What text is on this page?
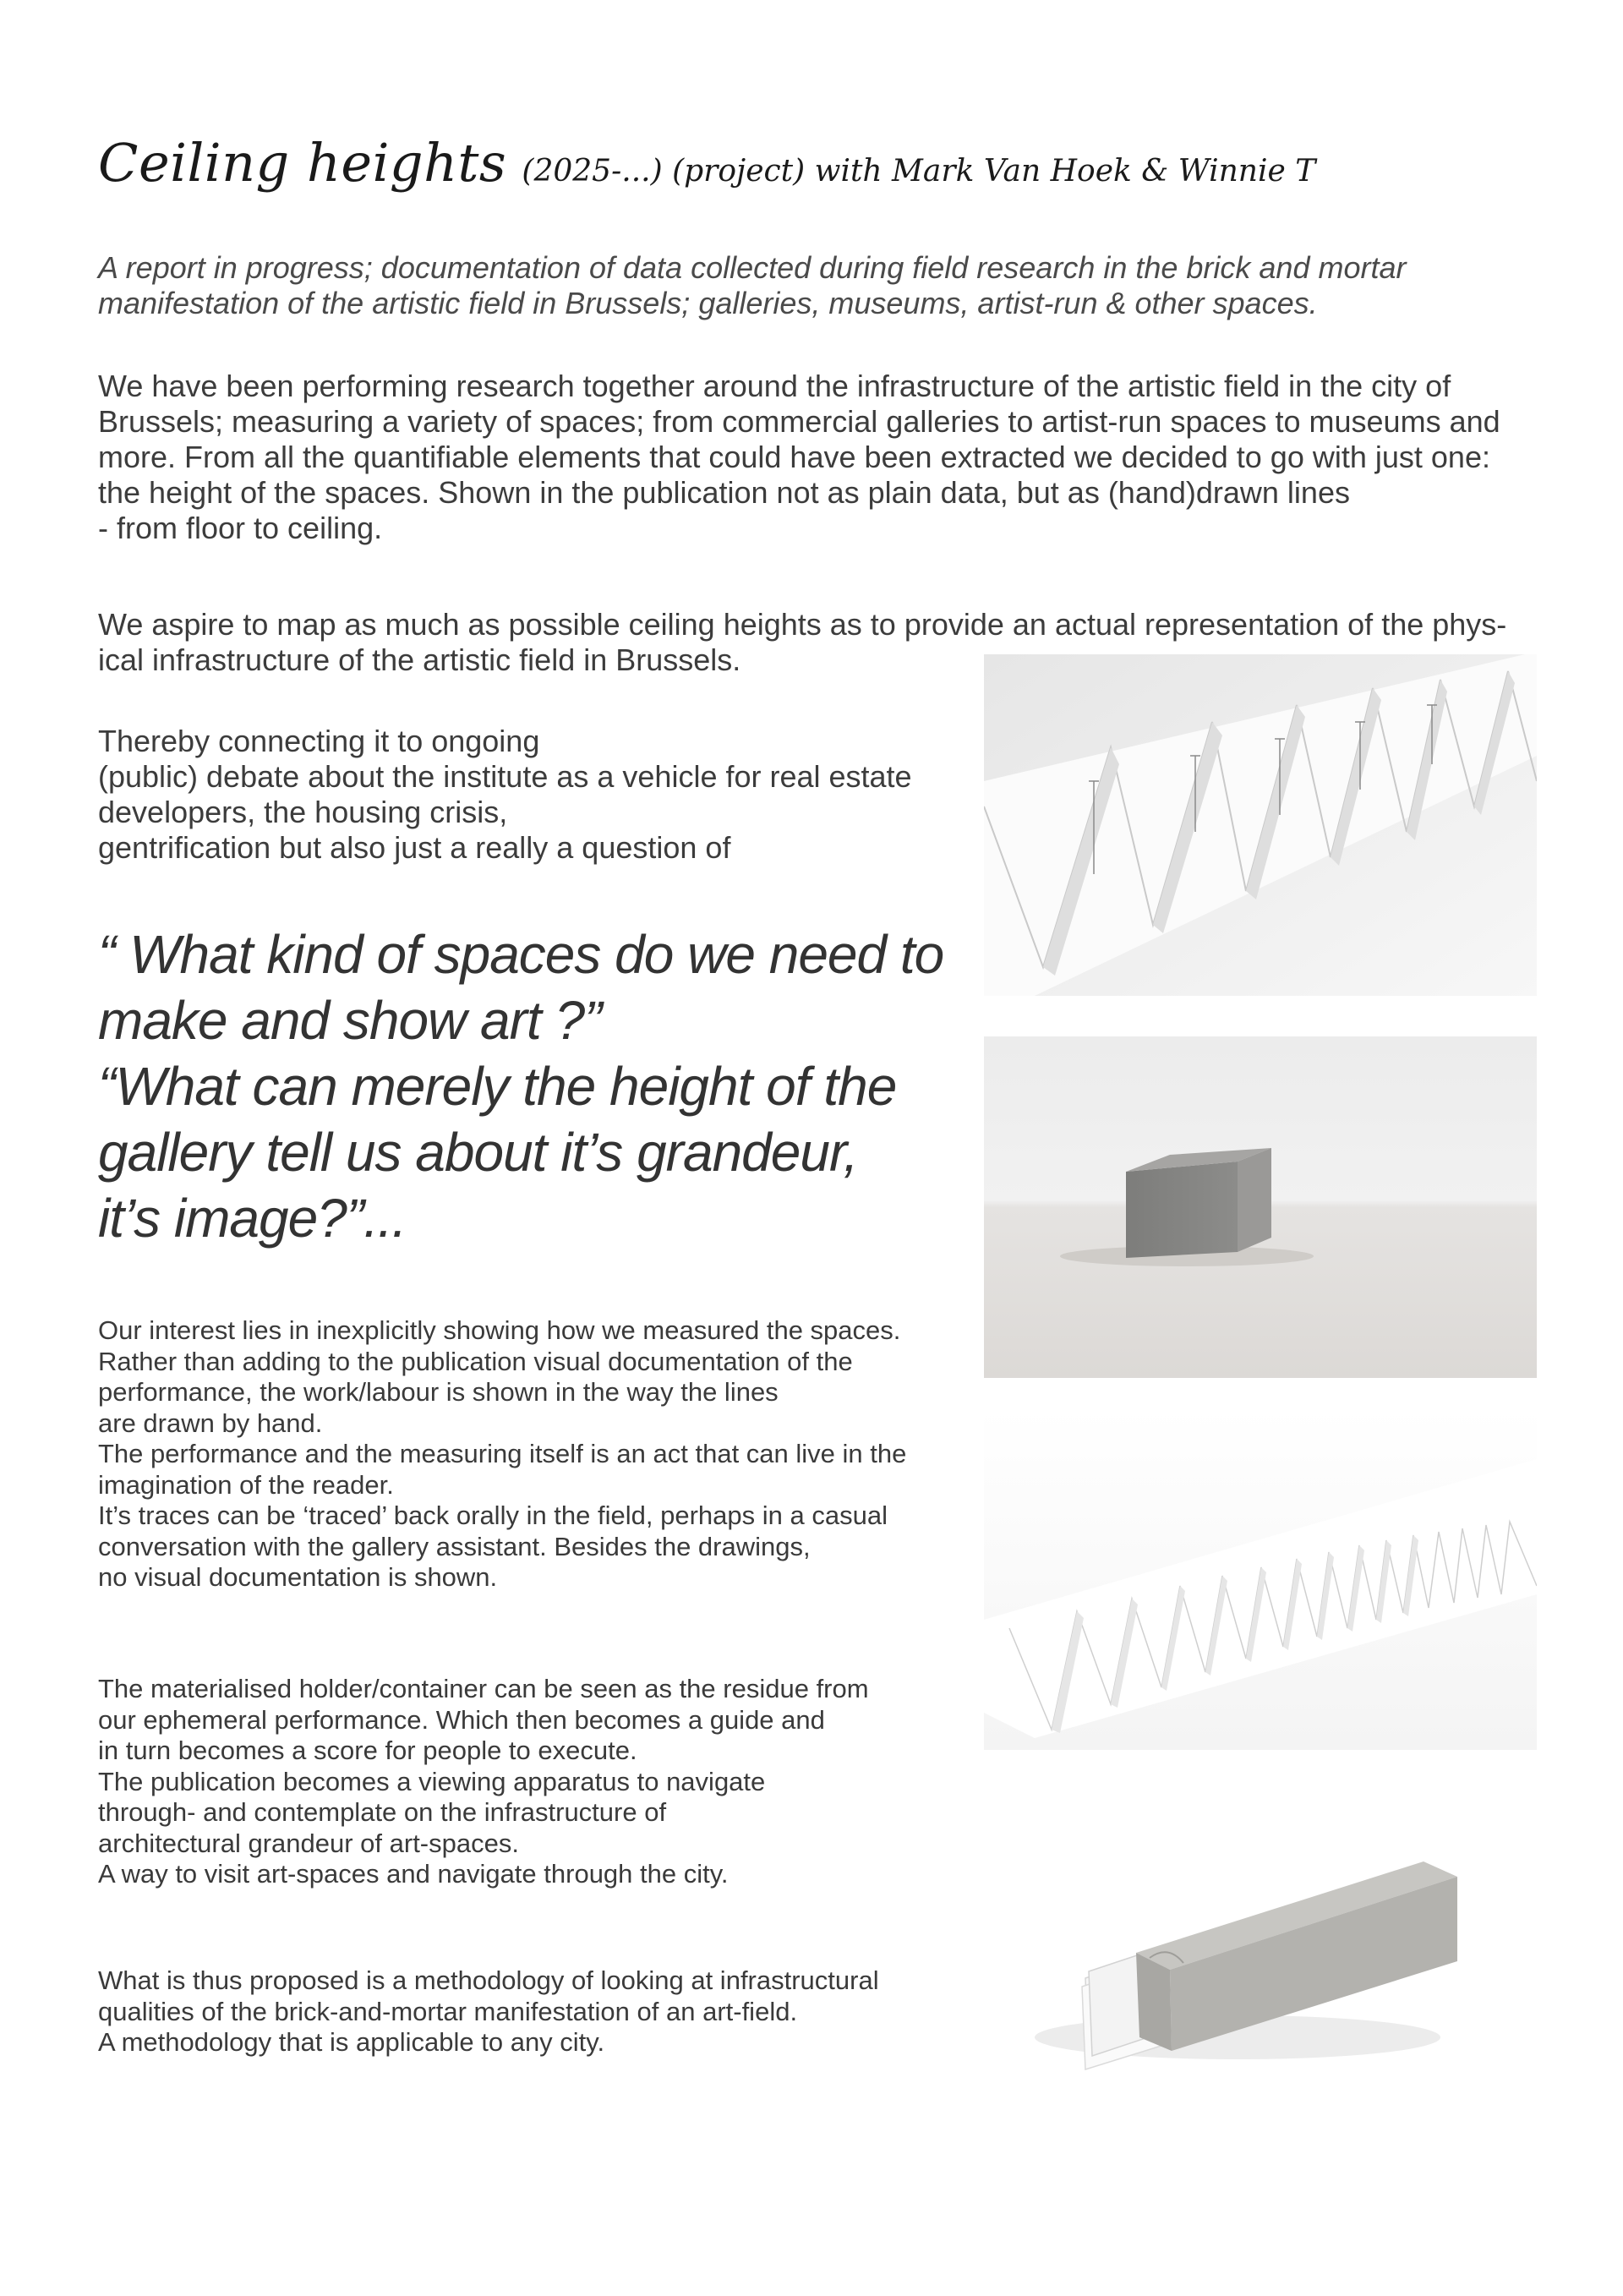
Ceiling heights (2025-...) (project) with Mark Van Hoek & Winnie T

A report in progress; documentation of data collected during field research in the brick and mortar
manifestation of the artistic field in Brussels; galleries, museums, artist-run & other spaces.

We have been performing research together around the infrastructure of the artistic field in the city of
Brussels; measuring a variety of spaces; from commercial galleries to artist-run spaces to museums and
more. From all the quantifiable elements that could have been extracted we decided to go with just one:
the height of the spaces. Shown in the publication not as plain data, but as (hand)drawn lines
- from floor to ceiling.

We aspire to map as much as possible ceiling heights as to provide an actual representation of the phys-
ical infrastructure of the artistic field in Brussels.

Thereby connecting it to ongoing
(public) debate about the institute as a vehicle for real estate
developers, the housing crisis,
gentrification but also just a really a question of

“ What kind of spaces do we need to
make and show art ?”
“What can merely the height of the
gallery tell us about it’s grandeur,
it’s image?”...

Our interest lies in inexplicitly showing how we measured the spaces.
Rather than adding to the publication visual documentation of the
performance, the work/labour is shown in the way the lines
are drawn by hand.
The performance and the measuring itself is an act that can live in the
imagination of the reader.
It’s traces can be ‘traced’ back orally in the field, perhaps in a casual
conversation with the gallery assistant. Besides the drawings,
no visual documentation is shown.

The materialised holder/container can be seen as the residue from
our ephemeral performance. Which then becomes a guide and
in turn becomes a score for people to execute.
The publication becomes a viewing apparatus to navigate
through- and contemplate on the infrastructure of
architectural grandeur of art-spaces.
A way to visit art-spaces and navigate through the city.

What is thus proposed is a methodology of looking at infrastructural
qualities of the brick-and-mortar manifestation of an art-field.
A methodology that is applicable to any city.
